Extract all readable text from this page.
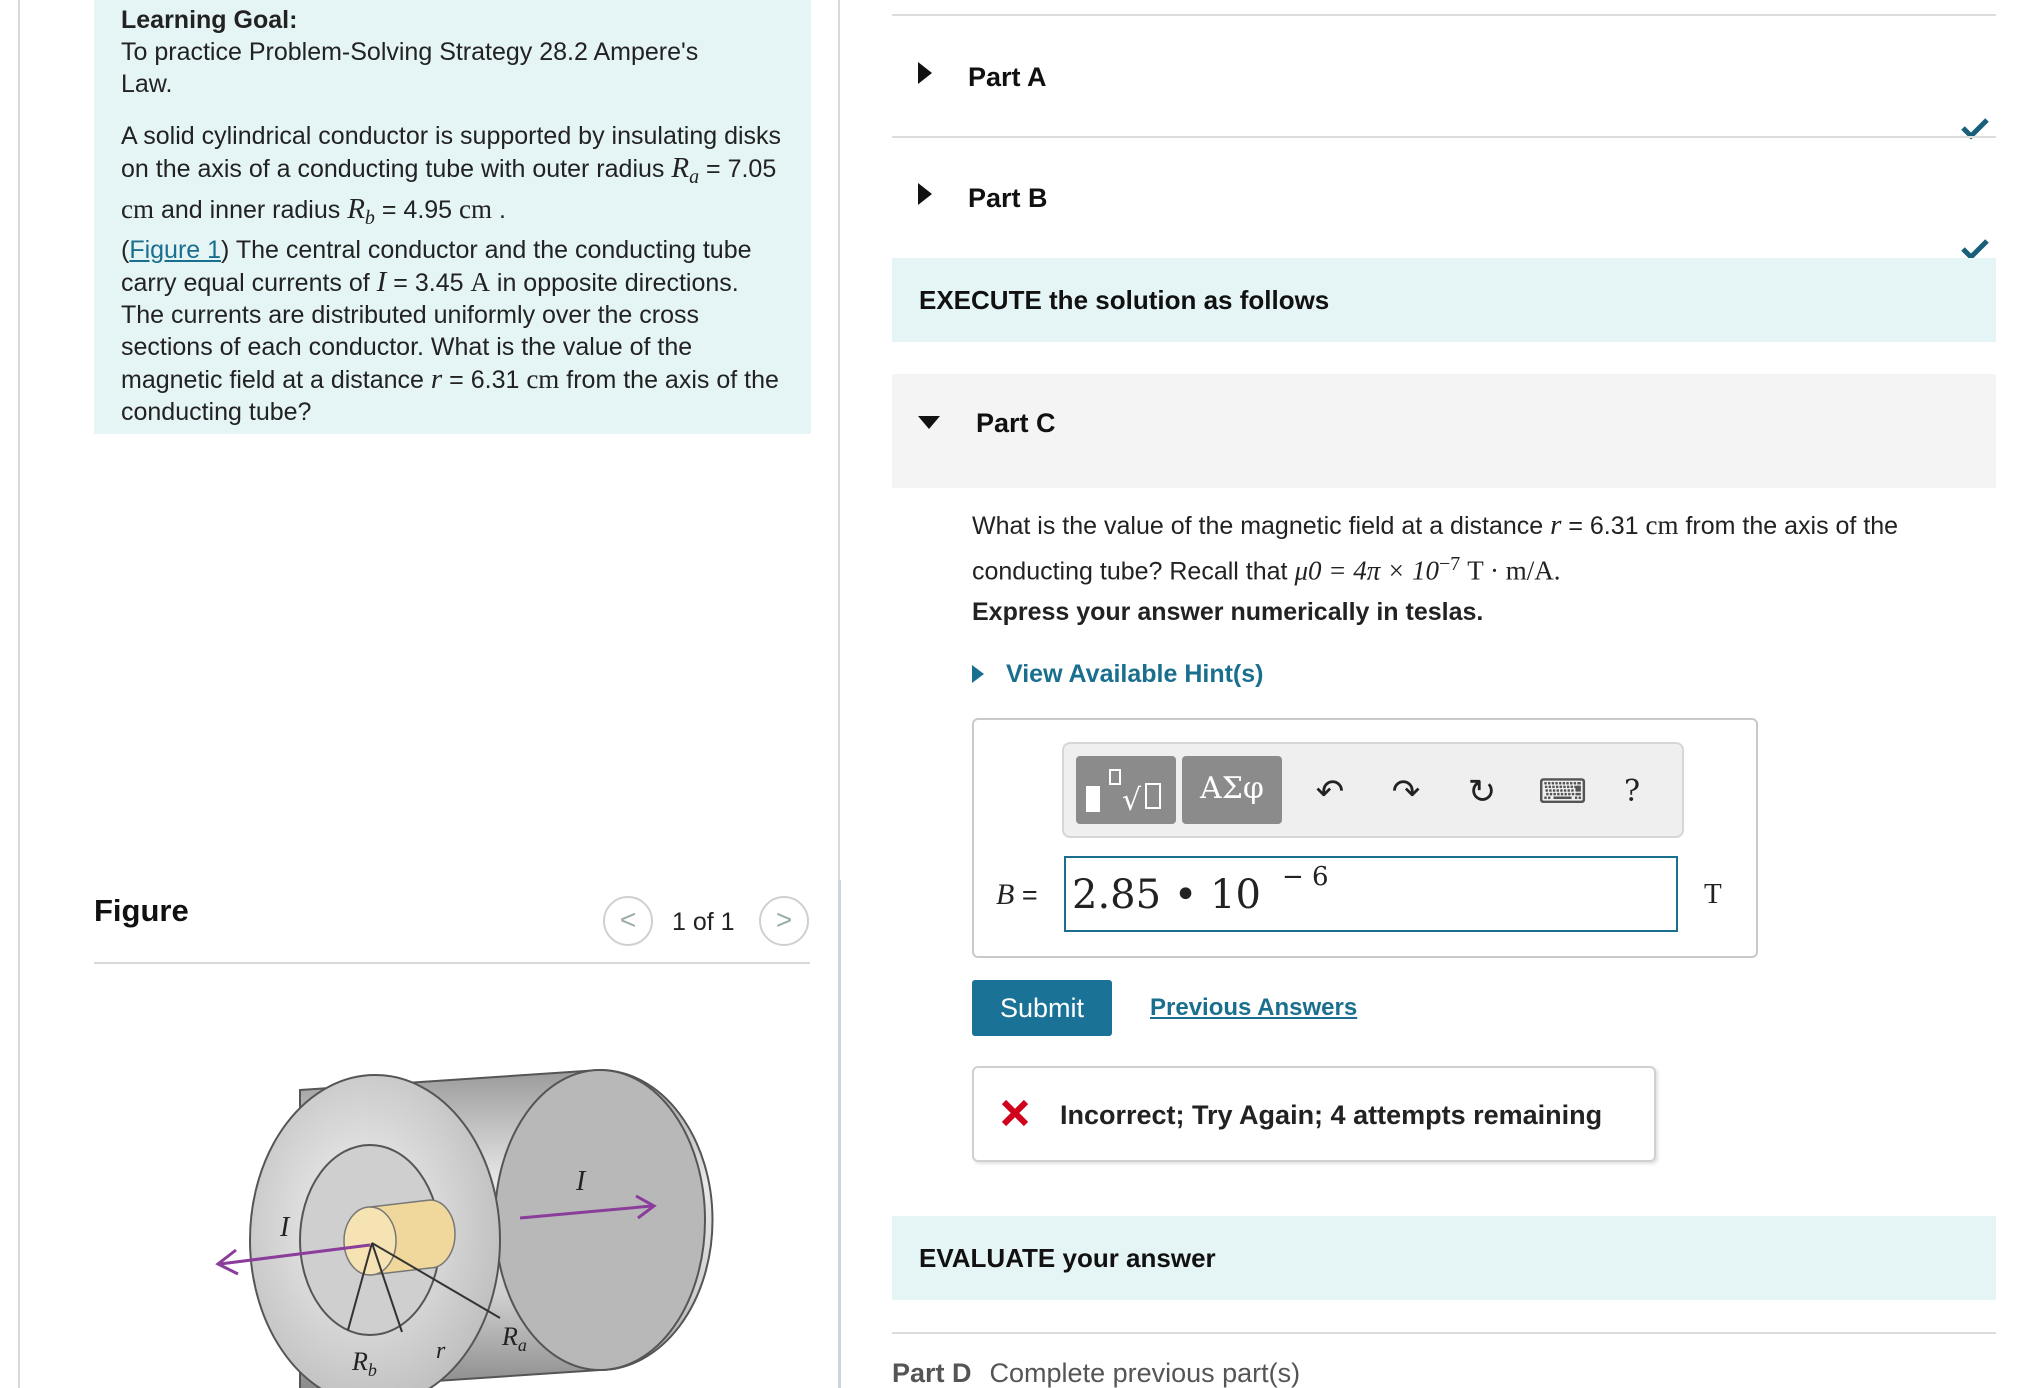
Learning Goal:
To practice Problem-Solving Strategy 28.2 Ampere's

Law.

A solid cylindrical conductor is supported by insulating disks on the axis of a conducting tube with outer radius $R_a = 7.05$ cm and inner radius $R_b = 4.95$ cm .
(Figure 1) The central conductor and the conducting tube carry equal currents of I = 3.45 A in opposite directions. The currents are distributed uniformly over the cross sections of each conductor. What is the value of the magnetic field at a distance r = 6.31 cm from the axis of the conducting tube?

Figure	<	1 of 1	>
I
I
$R_a$
r
$R_b$
Part A
Part B
EXECUTE the solution as follows
Part C
What is the value of the magnetic field at a distance r = 6.31 cm from the axis of the conducting tube? Recall that $\mu 0 = 4\pi \times 10^{-7}$ T · m/A.
Express your answer numerically in teslas.
View Available Hint(s)
√	ΑΣφ	↶ ↷ ↻ ⌨	?
B = 2.85 • 10 − 6
T
Submit	Previous Answers
Incorrect; Try Again; 4 attempts remaining
EVALUATE your answer
Part D Complete previous part(s)
